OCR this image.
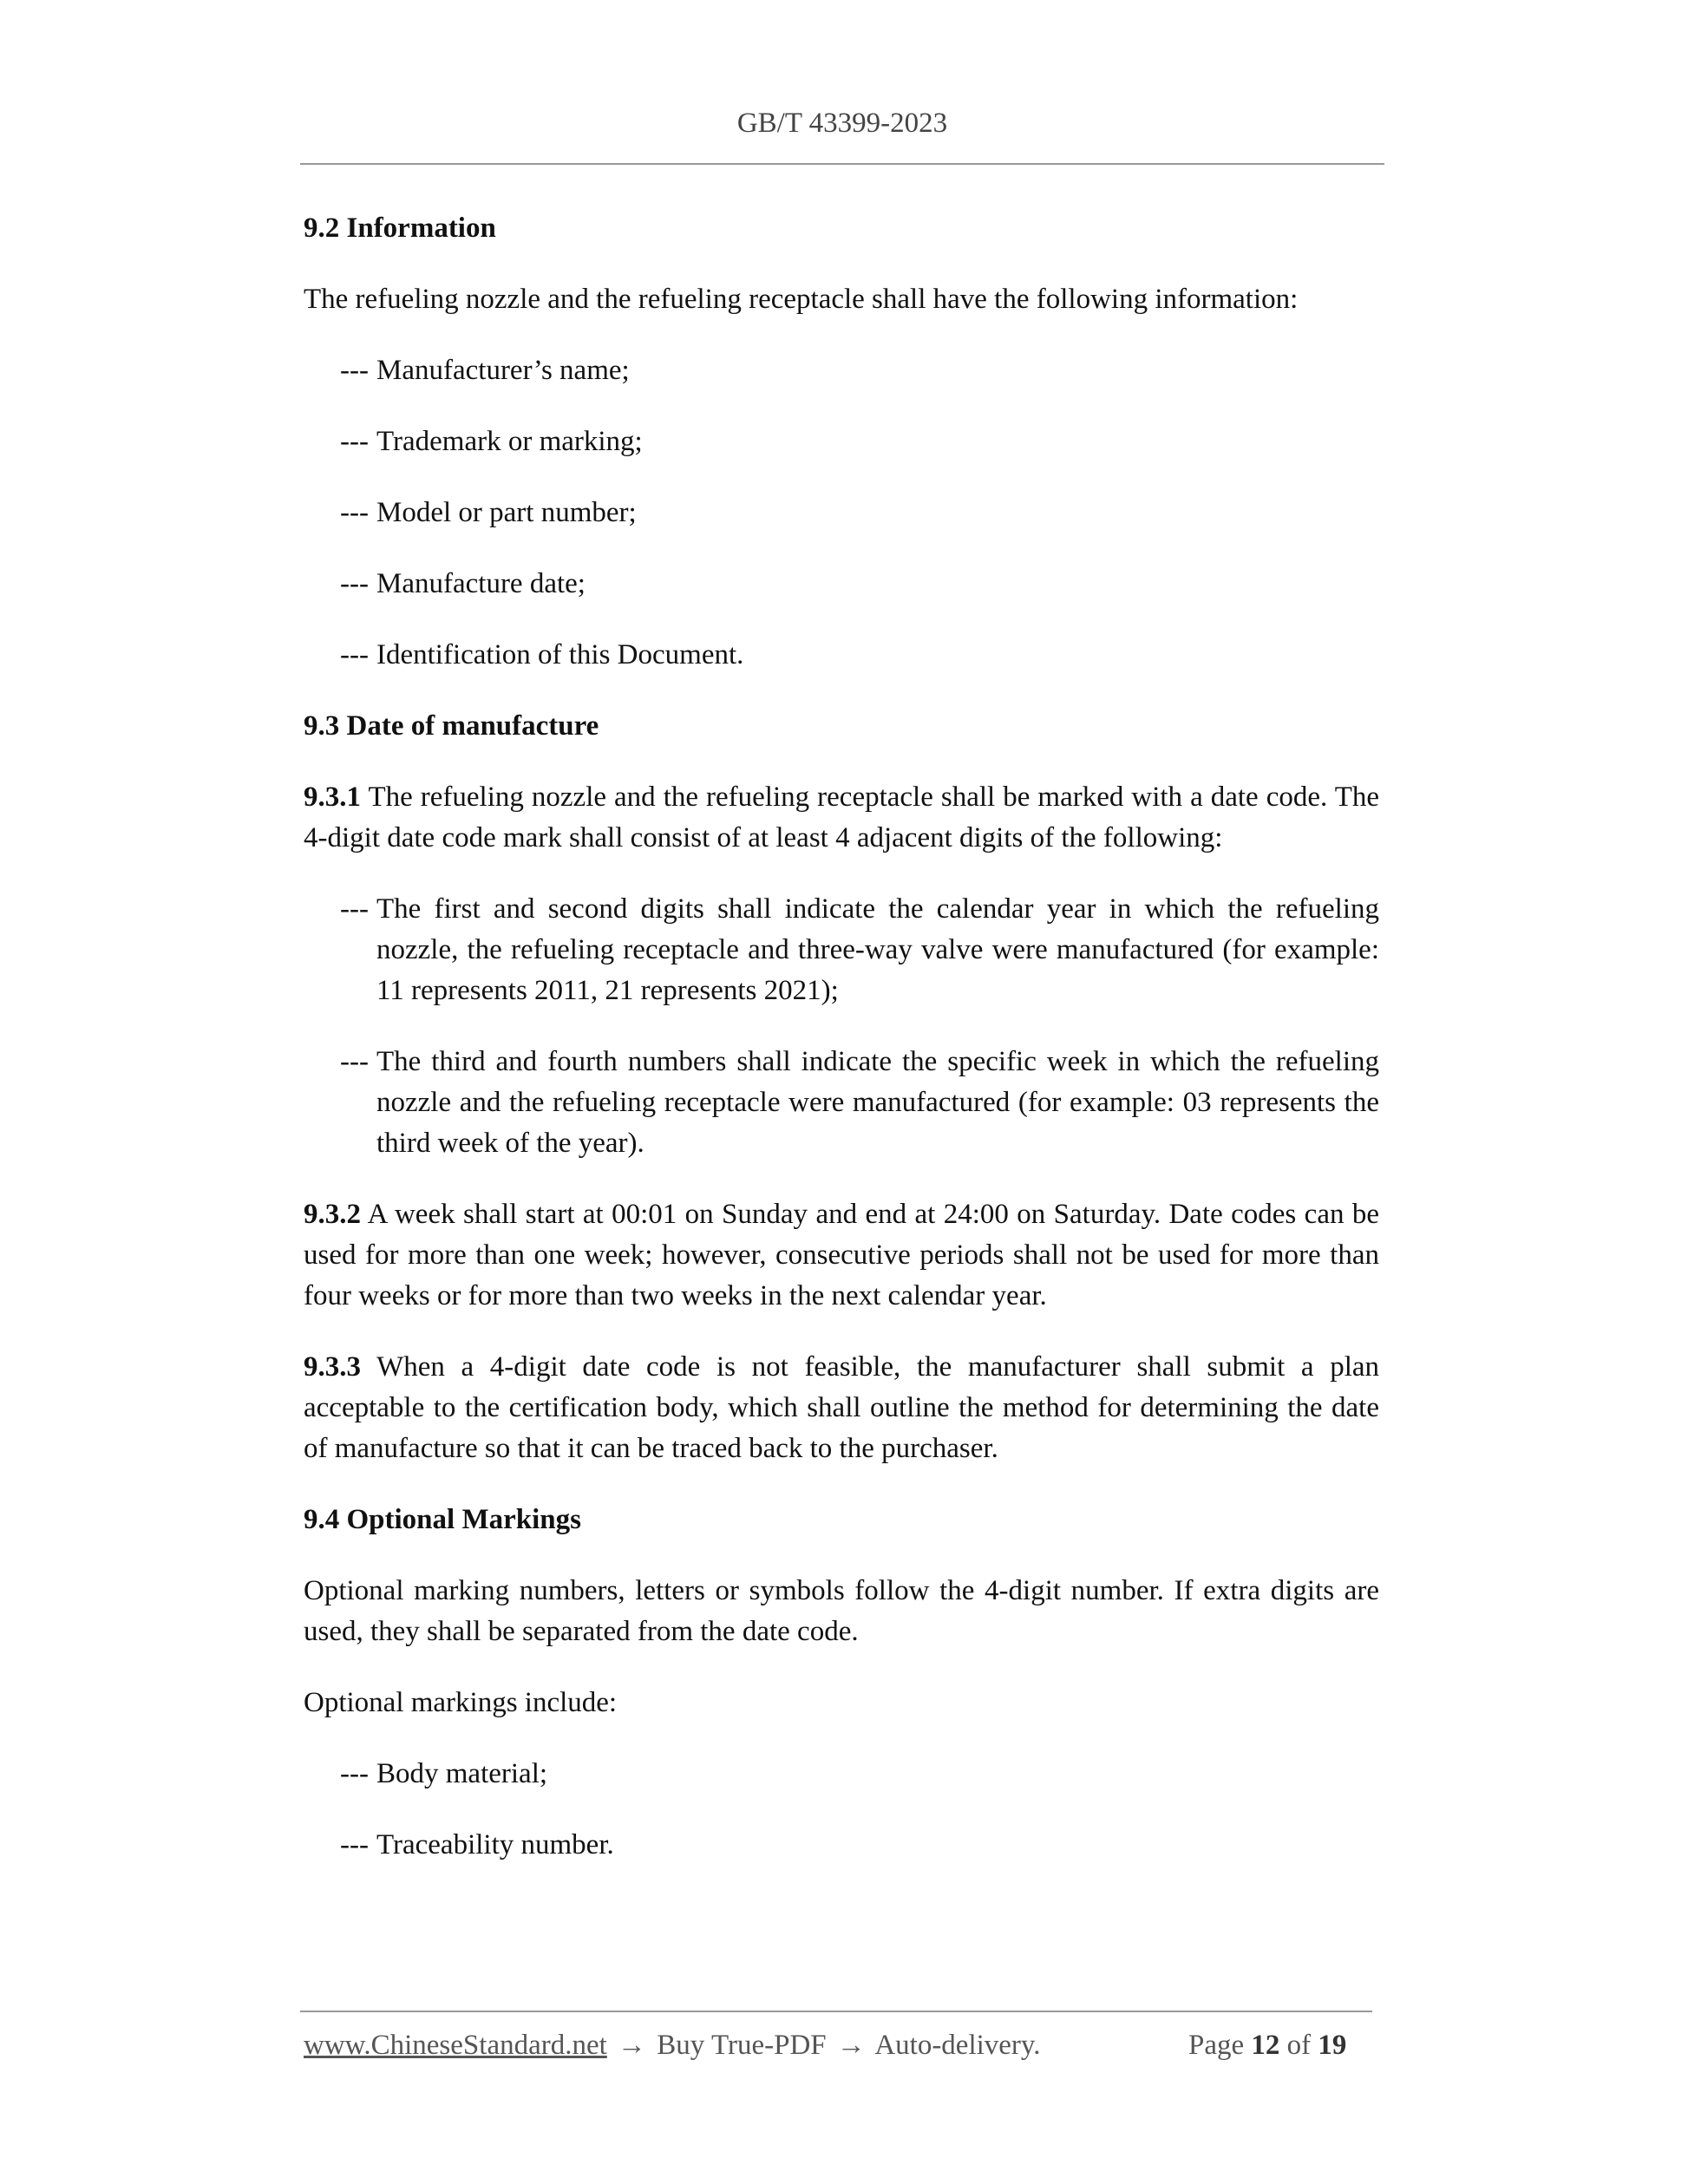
GB/T 43399-2023

9.2 Information

The refueling nozzle and the refueling receptacle shall have the following information:

--- Manufacturer’s name;

--- Trademark or marking;

--- Model or part number;

--- Manufacture date;

--- Identification of this Document.

9.3 Date of manufacture

9.3.1 The refueling nozzle and the refueling receptacle shall be marked with a date code. The 4-digit date code mark shall consist of at least 4 adjacent digits of the following:

--- The first and second digits shall indicate the calendar year in which the refueling nozzle, the refueling receptacle and three-way valve were manufactured (for example: 11 represents 2011, 21 represents 2021);

--- The third and fourth numbers shall indicate the specific week in which the refueling nozzle and the refueling receptacle were manufactured (for example: 03 represents the third week of the year).

9.3.2 A week shall start at 00:01 on Sunday and end at 24:00 on Saturday. Date codes can be used for more than one week; however, consecutive periods shall not be used for more than four weeks or for more than two weeks in the next calendar year.

9.3.3 When a 4-digit date code is not feasible, the manufacturer shall submit a plan acceptable to the certification body, which shall outline the method for determining the date of manufacture so that it can be traced back to the purchaser.

9.4 Optional Markings

Optional marking numbers, letters or symbols follow the 4-digit number. If extra digits are used, they shall be separated from the date code.

Optional markings include:

--- Body material;

--- Traceability number.

www.ChineseStandard.net → Buy True-PDF → Auto-delivery.	Page 12 of 19
